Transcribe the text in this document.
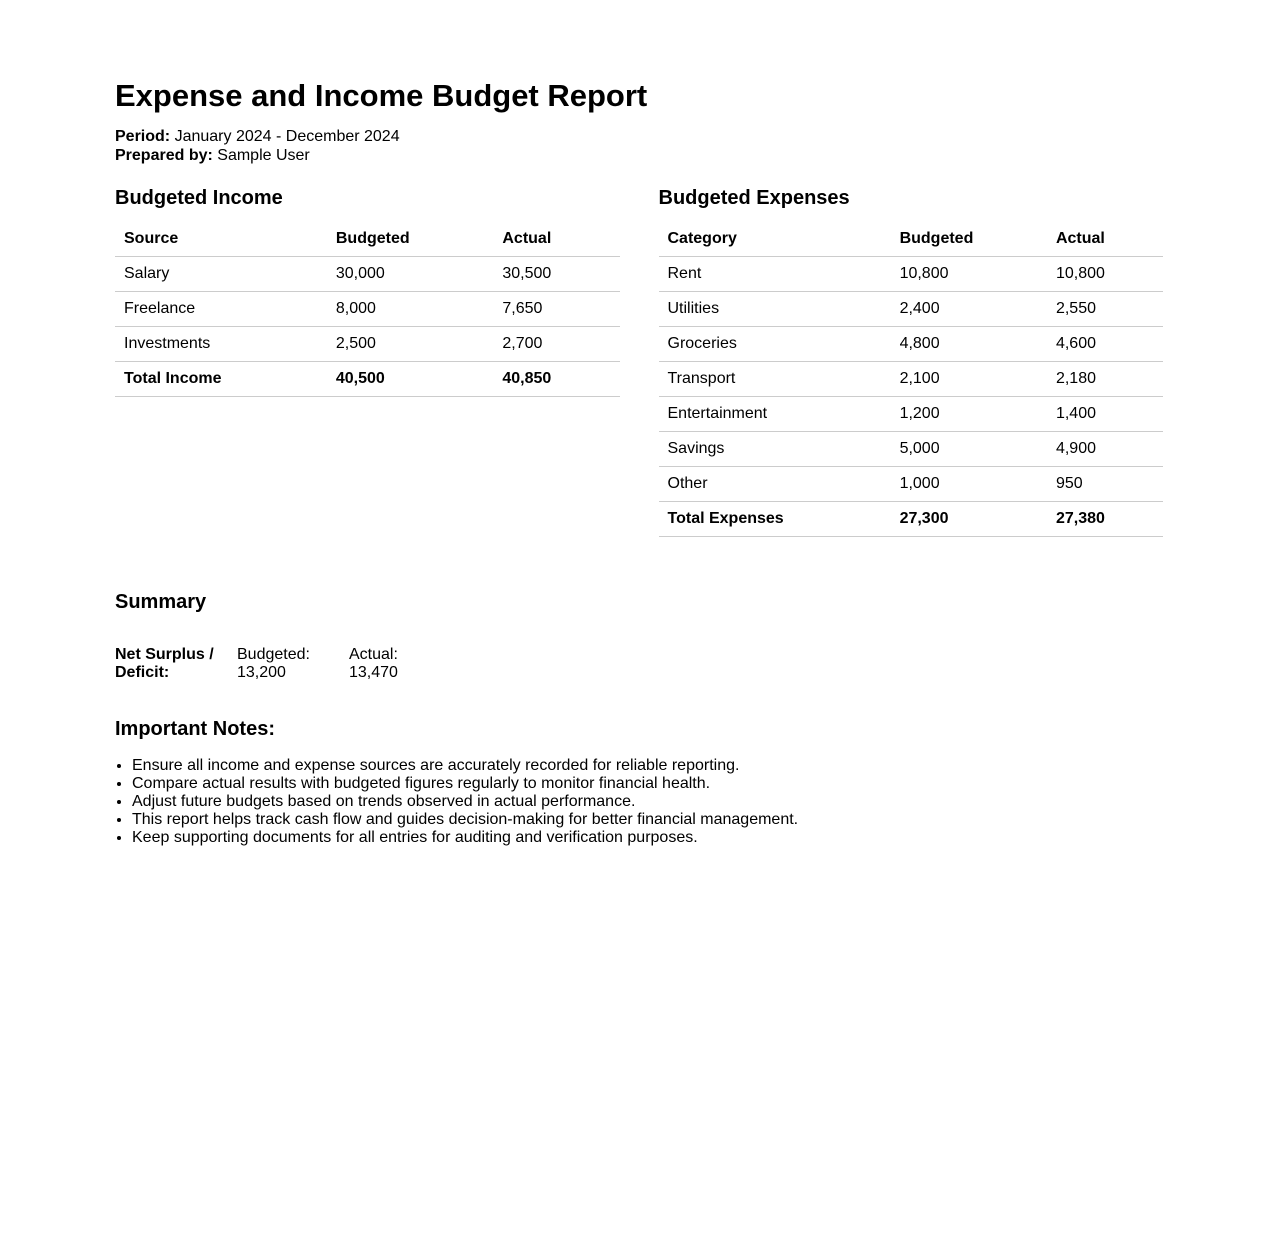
Expense and Income Budget Report
Period: January 2024 - December 2024
Prepared by: Sample User
Budgeted Income
Source	Budgeted	Actual
Salary	30,000	30,500
Freelance	8,000	7,650
Investments	2,500	2,700
Total Income	40,500	40,850
Budgeted Expenses
Category	Budgeted	Actual
Rent	10,800	10,800
Utilities	2,400	2,550
Groceries	4,800	4,600
Transport	2,100	2,180
Entertainment	1,200	1,400
Savings	5,000	4,900
Other	1,000	950
Total Expenses	27,300	27,380
Summary
Net Surplus / Deficit:
Budgeted:
13,200
Actual:
13,470
Important Notes:
• Ensure all income and expense sources are accurately recorded for reliable reporting.
• Compare actual results with budgeted figures regularly to monitor financial health.
• Adjust future budgets based on trends observed in actual performance.
• This report helps track cash flow and guides decision-making for better financial management.
• Keep supporting documents for all entries for auditing and verification purposes.
